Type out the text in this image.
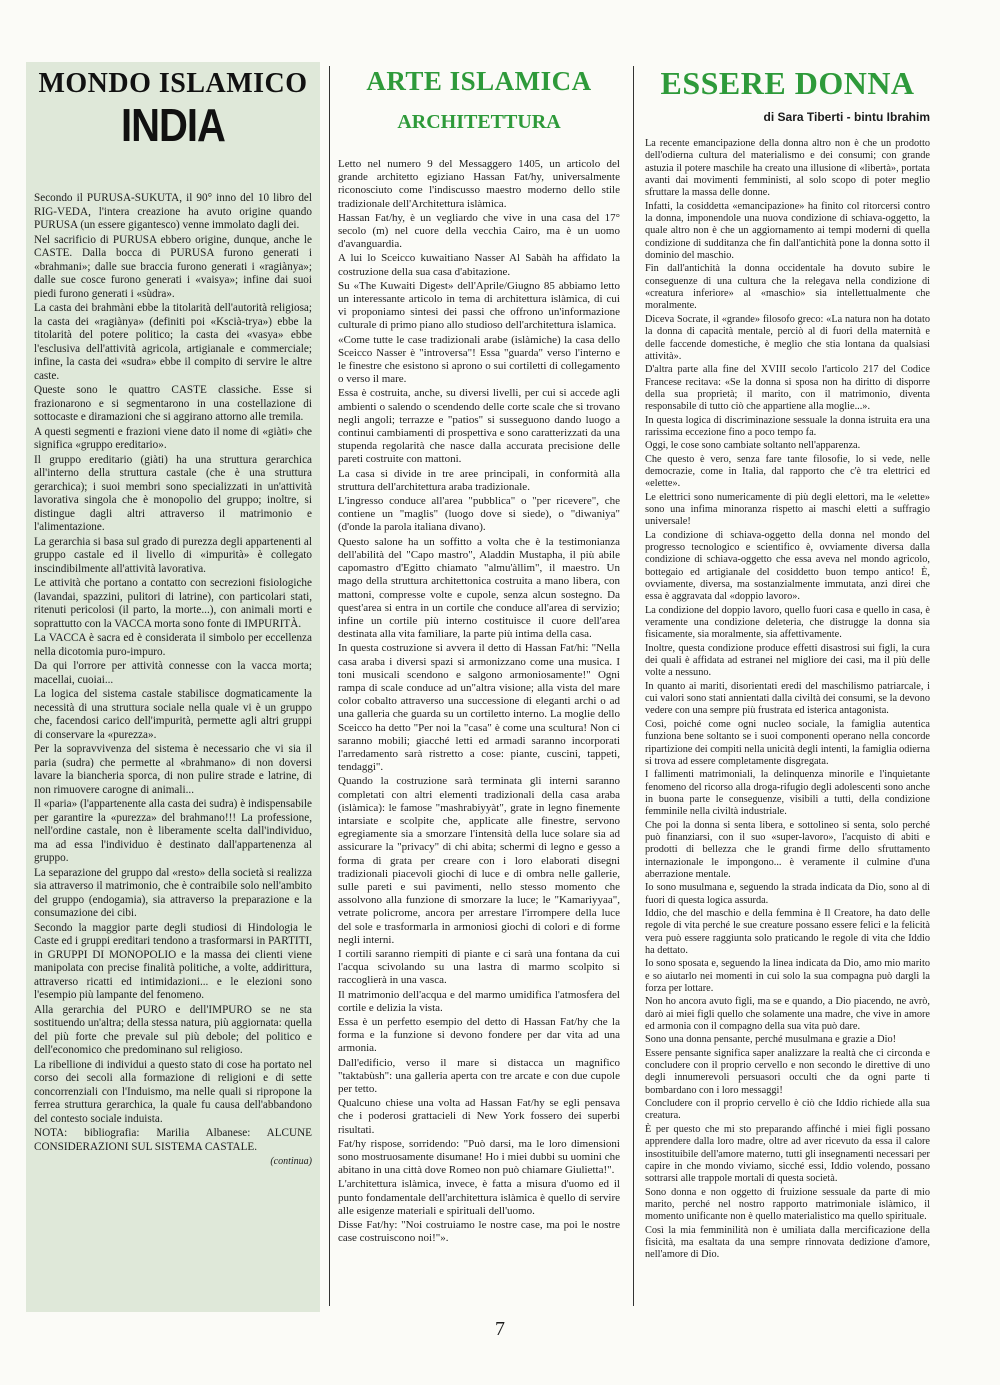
MONDO ISLAMICO
INDIA

Secondo il PURUSA-SUKUTA, il 90° inno del 10 libro del RIG-VEDA, l'intera creazione ha avuto origine quando PURUSA (un essere gigantesco) venne immolato dagli dei.

Nel sacrificio di PURUSA ebbero origine, dunque, anche le CASTE. Dalla bocca di PURUSA furono generati i «brahmani»; dalle sue braccia furono generati i «ragiànya»; dalle sue cosce furono generati i «vaisya»; infine dai suoi piedi furono generati i «sùdra».

La casta dei brahmàni ebbe la titolarità dell'autorità religiosa; la casta dei «ragiànya» (definiti poi «Kscià-trya») ebbe la titolarità del potere politico; la casta dei «vasya» ebbe l'esclusiva dell'attività agricola, artigianale e commerciale; infine, la casta dei «sudra» ebbe il compito di servire le altre caste.

Queste sono le quattro CASTE classiche. Esse si frazionarono e si segmentarono in una costellazione di sottocaste e diramazioni che si aggirano attorno alle tremila.

A questi segmenti e frazioni viene dato il nome di «giàti» che significa «gruppo ereditario».

Il gruppo ereditario (giàti) ha una struttura gerarchica all'interno della struttura castale (che è una struttura gerarchica); i suoi membri sono specializzati in un'attività lavorativa singola che è monopolio del gruppo; inoltre, si distingue dagli altri attraverso il matrimonio e l'alimentazione.

La gerarchia si basa sul grado di purezza degli appartenenti al gruppo castale ed il livello di «impurità» è collegato inscindibilmente all'attività lavorativa.

Le attività che portano a contatto con secrezioni fisiologiche (lavandai, spazzini, pulitori di latrine), con particolari stati, ritenuti pericolosi (il parto, la morte...), con animali morti e soprattutto con la VACCA morta sono fonte di IMPURITÀ.

La VACCA è sacra ed è considerata il simbolo per eccellenza nella dicotomia puro-impuro.

Da qui l'orrore per attività connesse con la vacca morta; macellai, cuoiai...

La logica del sistema castale stabilisce dogmaticamente la necessità di una struttura sociale nella quale vi è un gruppo che, facendosi carico dell'impurità, permette agli altri gruppi di conservare la «purezza».

Per la sopravvivenza del sistema è necessario che vi sia il paria (sudra) che permette al «brahmano» di non doversi lavare la biancheria sporca, di non pulire strade e latrine, di non rimuovere carogne di animali...

Il «paria» (l'appartenente alla casta dei sudra) è indispensabile per garantire la «purezza» del brahmano!!! La professione, nell'ordine castale, non è liberamente scelta dall'individuo, ma ad essa l'individuo è destinato dall'appartenenza al gruppo.

La separazione del gruppo dal «resto» della società si realizza sia attraverso il matrimonio, che è contraibile solo nell'ambito del gruppo (endogamia), sia attraverso la preparazione e la consumazione dei cibi.

Secondo la maggior parte degli studiosi di Hindologia le Caste ed i gruppi ereditari tendono a trasformarsi in PARTITI, in GRUPPI DI MONOPOLIO e la massa dei clienti viene manipolata con precise finalità politiche, a volte, addirittura, attraverso ricatti ed intimidazioni... e le elezioni sono l'esempio più lampante del fenomeno.

Alla gerarchia del PURO e dell'IMPURO se ne sta sostituendo un'altra; della stessa natura, più aggiornata: quella del più forte che prevale sul più debole; del politico e dell'economico che predominano sul religioso.

La ribellione di individui a questo stato di cose ha portato nel corso dei secoli alla formazione di religioni e di sette concorrenziali con l'Induismo, ma nelle quali si ripropone la ferrea struttura gerarchica, la quale fu causa dell'abbandono del contesto sociale induista.

NOTA: bibliografia: Marilia Albanese: ALCUNE CONSIDERAZIONI SUL SISTEMA CASTALE.

(continua)
ARTE ISLAMICA
ARCHITETTURA

Letto nel numero 9 del Messaggero 1405, un articolo del grande architetto egiziano Hassan Fat/hy, universalmente riconosciuto come l'indiscusso maestro moderno dello stile tradizionale dell'Architettura islàmica.

Hassan Fat/hy, è un vegliardo che vive in una casa del 17° secolo (m) nel cuore della vecchia Cairo, ma è un uomo d'avanguardia.

A lui lo Sceicco kuwaitiano Nasser Al Sabàh ha affidato la costruzione della sua casa d'abitazione.

Su «The Kuwaiti Digest» dell'Aprile/Giugno 85 abbiamo letto un interessante articolo in tema di architettura islàmica, di cui vi proponiamo sintesi dei passi che offrono un'informazione culturale di primo piano allo studioso dell'architettura islamica.

«Come tutte le case tradizionali arabe (islàmiche) la casa dello Sceicco Nasser è "introversa"! Essa "guarda" verso l'interno e le finestre che esistono si aprono o sui cortiletti di collegamento o verso il mare.

Essa è costruita, anche, su diversi livelli, per cui si accede agli ambienti o salendo o scendendo delle corte scale che si trovano negli angoli; terrazze e "patios" si susseguono dando luogo a continui cambiamenti di prospettiva e sono caratterizzati da una stupenda regolarità che nasce dalla accurata precisione delle pareti costruite con mattoni.

La casa si divide in tre aree principali, in conformità alla struttura dell'architettura araba tradizionale.

L'ingresso conduce all'area "pubblica" o "per ricevere", che contiene un "maglis" (luogo dove si siede), o "diwaniya" (d'onde la parola italiana divano).

Questo salone ha un soffitto a volta che è la testimonianza dell'abilità del "Capo mastro", Aladdin Mustapha, il più abile capomastro d'Egitto chiamato "almu'àllim", il maestro. Un mago della struttura architettonica costruita a mano libera, con mattoni, compresse volte e cupole, senza alcun sostegno. Da quest'area si entra in un cortile che conduce all'area di servizio; infine un cortile più interno costituisce il cuore dell'area destinata alla vita familiare, la parte più intima della casa.

In questa costruzione si avvera il detto di Hassan Fat/hi: "Nella casa araba i diversi spazi si armonizzano come una musica. I toni musicali scendono e salgono armoniosamente!" Ogni rampa di scale conduce ad un"altra visione; alla vista del mare color cobalto attraverso una successione di eleganti archi o ad una galleria che guarda su un cortiletto interno. La moglie dello Sceicco ha detto "Per noi la "casa" è come una scultura! Non ci saranno mobili; giacché letti ed armadi saranno incorporati l'arredamento sarà ristretto a cose: piante, cuscini, tappeti, tendaggi".

Quando la costruzione sarà terminata gli interni saranno completati con altri elementi tradizionali della casa araba (islàmica): le famose "mashrabiyyàt", grate in legno finemente intarsiate e scolpite che, applicate alle finestre, servono egregiamente sia a smorzare l'intensità della luce solare sia ad assicurare la "privacy" di chi abita; schermi di legno e gesso a forma di grata per creare con i loro elaborati disegni tradizionali piacevoli giochi di luce e di ombra nelle gallerie, sulle pareti e sui pavimenti, nello stesso momento che assolvono alla funzione di smorzare la luce; le "Kamariyyaa", vetrate policrome, ancora per arrestare l'irrompere della luce del sole e trasformarla in armoniosi giochi di colori e di forme negli interni.

I cortili saranno riempiti di piante e ci sarà una fontana da cui l'acqua scivolando su una lastra di marmo scolpito si raccoglierà in una vasca.

Il matrimonio dell'acqua e del marmo umidifica l'atmosfera del cortile e delizia la vista.

Essa è un perfetto esempio del detto di Hassan Fat/hy che la forma e la funzione si devono fondere per dar vita ad una armonia.

Dall'edificio, verso il mare si distacca un magnifico "taktabùsh": una galleria aperta con tre arcate e con due cupole per tetto.

Qualcuno chiese una volta ad Hassan Fat/hy se egli pensava che i poderosi grattacieli di New York fossero dei superbi risultati.

Fat/hy rispose, sorridendo: "Può darsi, ma le loro dimensioni sono mostruosamente disumane! Ho i miei dubbi su uomini che abitano in una città dove Romeo non può chiamare Giulietta!".

L'architettura islàmica, invece, è fatta a misura d'uomo ed il punto fondamentale dell'architettura islàmica è quello di servire alle esigenze materiali e spirituali dell'uomo.

Disse Fat/hy: "Noi costruiamo le nostre case, ma poi le nostre case costruiscono noi!"».

ESSERE DONNA
di Sara Tiberti - bintu Ibrahim

La recente emancipazione della donna altro non è che un prodotto dell'odierna cultura del materialismo e dei consumi; con grande astuzia il potere maschile ha creato una illusione di «libertà», portata avanti dai movimenti femministi, al solo scopo di poter meglio sfruttare la massa delle donne.

Infatti, la cosiddetta «emancipazione» ha finito col ritorcersi contro la donna, imponendole una nuova condizione di schiava-oggetto, la quale altro non è che un aggiornamento ai tempi moderni di quella condizione di sudditanza che fin dall'antichità pone la donna sotto il dominio del maschio.

Fin dall'antichità la donna occidentale ha dovuto subire le conseguenze di una cultura che la relegava nella condizione di «creatura inferiore» al «maschio» sia intellettualmente che moralmente.

Diceva Socrate, il «grande» filosofo greco: «La natura non ha dotato la donna di capacità mentale, perciò al di fuori della maternità e delle faccende domestiche, è meglio che stia lontana da qualsiasi attività».

D'altra parte alla fine del XVIII secolo l'articolo 217 del Codice Francese recitava: «Se la donna si sposa non ha diritto di disporre della sua proprietà; il marito, con il matrimonio, diventa responsabile di tutto ciò che appartiene alla moglie...».

In questa logica di discriminazione sessuale la donna istruita era una rarissima eccezione fino a poco tempo fa.

Oggi, le cose sono cambiate soltanto nell'apparenza.

Che questo è vero, senza fare tante filosofie, lo si vede, nelle democrazie, come in Italia, dal rapporto che c'è tra elettrici ed «elette».

Le elettrici sono numericamente di più degli elettori, ma le «elette» sono una infima minoranza rispetto ai maschi eletti a suffragio universale!

La condizione di schiava-oggetto della donna nel mondo del progresso tecnologico e scientifico è, ovviamente diversa dalla condizione di schiava-oggetto che essa aveva nel mondo agricolo, bottegaio ed artigianale del cosiddetto buon tempo antico! È, ovviamente, diversa, ma sostanzialmente immutata, anzi direi che essa è aggravata dal «doppio lavoro».

La condizione del doppio lavoro, quello fuori casa e quello in casa, è veramente una condizione deleteria, che distrugge la donna sia fisicamente, sia moralmente, sia affettivamente.

Inoltre, questa condizione produce effetti disastrosi sui figli, la cura dei quali è affidata ad estranei nel migliore dei casi, ma il più delle volte a nessuno.

In quanto ai mariti, disorientati eredi del maschilismo patriarcale, i cui valori sono stati annientati dalla civiltà dei consumi, se la devono vedere con una sempre più frustrata ed isterica antagonista.

Così, poiché come ogni nucleo sociale, la famiglia autentica funziona bene soltanto se i suoi componenti operano nella concorde ripartizione dei compiti nella unicità degli intenti, la famiglia odierna si trova ad essere completamente disgregata.

I fallimenti matrimoniali, la delinquenza minorile e l'inquietante fenomeno del ricorso alla droga-rifugio degli adolescenti sono anche in buona parte le conseguenze, visibili a tutti, della condizione femminile nella civiltà industriale.

Che poi la donna si senta libera, e sottolineo si senta, solo perché può finanziarsi, con il suo «super-lavoro», l'acquisto di abiti e prodotti di bellezza che le grandi firme dello sfruttamento internazionale le impongono... è veramente il culmine d'una aberrazione mentale.

Io sono musulmana e, seguendo la strada indicata da Dio, sono al di fuori di questa logica assurda.

Iddio, che del maschio e della femmina è Il Creatore, ha dato delle regole di vita perché le sue creature possano essere felici e la felicità vera può essere raggiunta solo praticando le regole di vita che Iddio ha dettato.

Io sono sposata e, seguendo la linea indicata da Dio, amo mio marito e so aiutarlo nei momenti in cui solo la sua compagna può dargli la forza per lottare.

Non ho ancora avuto figli, ma se e quando, a Dio piacendo, ne avrò, darò ai miei figli quello che solamente una madre, che vive in amore ed armonia con il compagno della sua vita può dare.

Sono una donna pensante, perché musulmana e grazie a Dio!

Essere pensante significa saper analizzare la realtà che ci circonda e concludere con il proprio cervello e non secondo le direttive di uno degli innumerevoli persuasori occulti che da ogni parte ti bombardano con i loro messaggi!

Concludere con il proprio cervello è ciò che Iddio richiede alla sua creatura.

È per questo che mi sto preparando affinché i miei figli possano apprendere dalla loro madre, oltre ad aver ricevuto da essa il calore insostituibile dell'amore materno, tutti gli insegnamenti necessari per capire in che mondo viviamo, sicché essi, Iddio volendo, possano sottrarsi alle trappole mortali di questa società.

Sono donna e non oggetto di fruizione sessuale da parte di mio marito, perché nel nostro rapporto matrimoniale islàmico, il momento unificante non è quello materialistico ma quello spirituale.

Così la mia femminilità non è umiliata dalla mercificazione della fisicità, ma esaltata da una sempre rinnovata dedizione d'amore, nell'amore di Dio.

7
